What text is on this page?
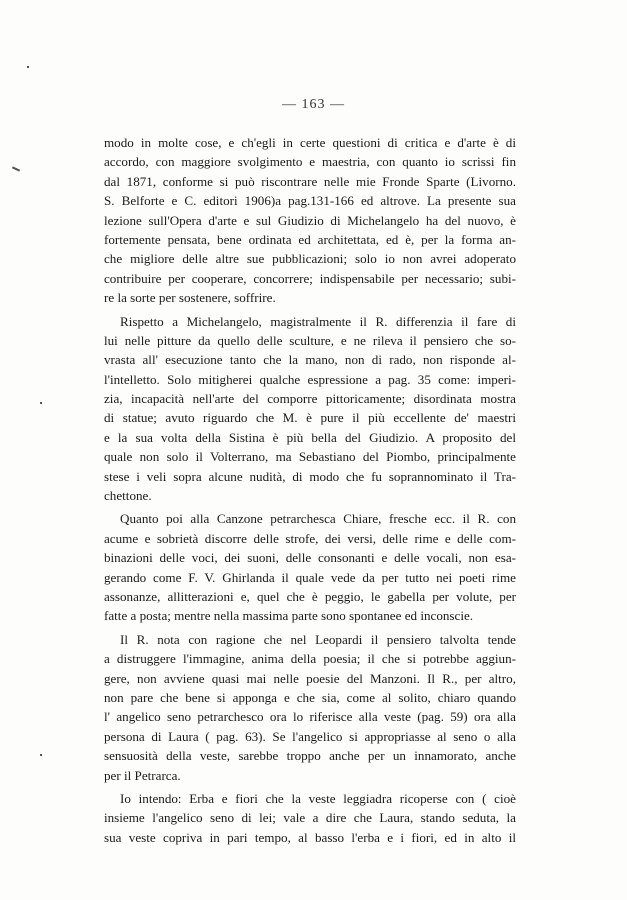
— 163 —
modo in molte cose, e ch'egli in certe questioni di critica e d'arte è di
accordo, con maggiore svolgimento e maestria, con quanto io scrissi fin
dal 1871, conforme si può riscontrare nelle mie Fronde Sparte (Livorno.
S. Belforte e C. editori 1906)a pag.131-166 ed altrove. La presente sua
lezione sull'Opera d'arte e sul Giudizio di Michelangelo ha del nuovo, è
fortemente pensata, bene ordinata ed architettata, ed è, per la forma an-
che migliore delle altre sue pubblicazioni; solo io non avrei adoperato
contribuire per cooperare, concorrere; indispensabile per necessario; subi-
re la sorte per sostenere, soffrire.
Rispetto a Michelangelo, magistralmente il R. differenzia il fare di
lui nelle pitture da quello delle sculture, e ne rileva il pensiero che so-
vrasta all' esecuzione tanto che la mano, non di rado, non risponde al-
l'intelletto. Solo mitigherei qualche espressione a pag. 35 come: imperi-
zia, incapacità nell'arte del comporre pittoricamente; disordinata mostra
di statue; avuto riguardo che M. è pure il più eccellente de' maestri
e la sua volta della Sistina è più bella del Giudizio. A proposito del
quale non solo il Volterrano, ma Sebastiano del Piombo, principalmente
stese i veli sopra alcune nudità, di modo che fu soprannominato il Tra-
chettone.
Quanto poi alla Canzone petrarchesca Chiare, fresche ecc. il R. con
acume e sobrietà discorre delle strofe, dei versi, delle rime e delle com-
binazioni delle voci, dei suoni, delle consonanti e delle vocali, non esa-
gerando come F. V. Ghirlanda il quale vede da per tutto nei poeti rime
assonanze, allitterazioni e, quel che è peggio, le gabella per volute, per
fatte a posta; mentre nella massima parte sono spontanee ed inconscie.
Il R. nota con ragione che nel Leopardi il pensiero talvolta tende
a distruggere l'immagine, anima della poesia; il che si potrebbe aggiun-
gere, non avviene quasi mai nelle poesie del Manzoni. Il R., per altro,
non pare che bene si apponga e che sia, come al solito, chiaro quando
l' angelico seno petrarchesco ora lo riferisce alla veste (pag. 59) ora alla
persona di Laura ( pag. 63). Se l'angelico si appropriasse al seno o alla
sensuosità della veste, sarebbe troppo anche per un innamorato, anche
per il Petrarca.
Io intendo: Erba e fiori che la veste leggiadra ricoperse con ( cioè
insieme l'angelico seno di lei; vale a dire che Laura, stando seduta, la
sua veste copriva in pari tempo, al basso l'erba e i fiori, ed in alto il
